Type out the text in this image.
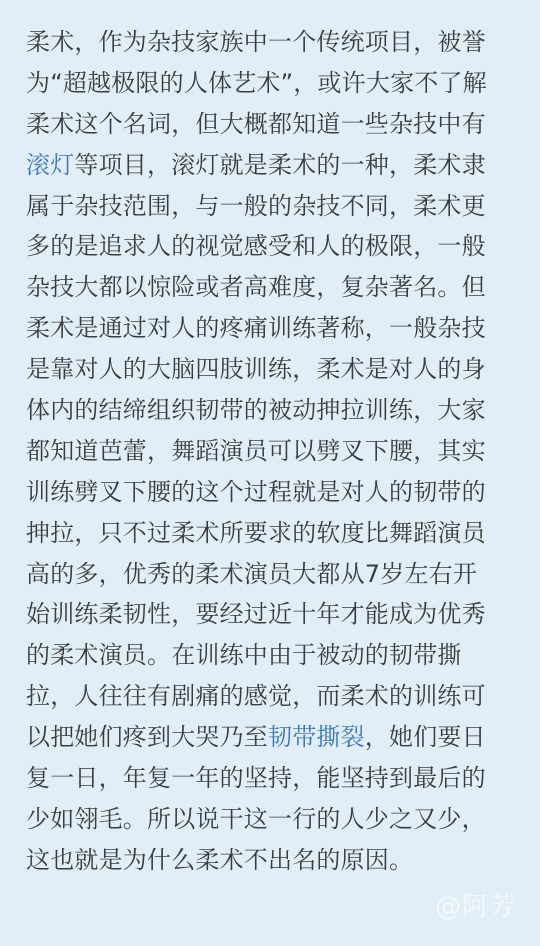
柔术，作为杂技家族中一个传统项目，被誉
为“超越极限的人体艺术”，或许大家不了解
柔术这个名词，但大概都知道一些杂技中有
滚灯等项目，滚灯就是柔术的一种，柔术隶
属于杂技范围，与一般的杂技不同，柔术更
多的是追求人的视觉感受和人的极限，一般
杂技大都以惊险或者高难度，复杂著名。但
柔术是通过对人的疼痛训练著称，一般杂技
是靠对人的大脑四肢训练，柔术是对人的身
体内的结缔组织韧带的被动抻拉训练，大家
都知道芭蕾，舞蹈演员可以劈叉下腰，其实
训练劈叉下腰的这个过程就是对人的韧带的
抻拉，只不过柔术所要求的软度比舞蹈演员
高的多，优秀的柔术演员大都从7岁左右开
始训练柔韧性，要经过近十年才能成为优秀
的柔术演员。在训练中由于被动的韧带撕
拉，人往往有剧痛的感觉，而柔术的训练可
以把她们疼到大哭乃至韧带撕裂，她们要日
复一日，年复一年的坚持，能坚持到最后的
少如翎毛。所以说干这一行的人少之又少，
这也就是为什么柔术不出名的原因。
@阿芳
